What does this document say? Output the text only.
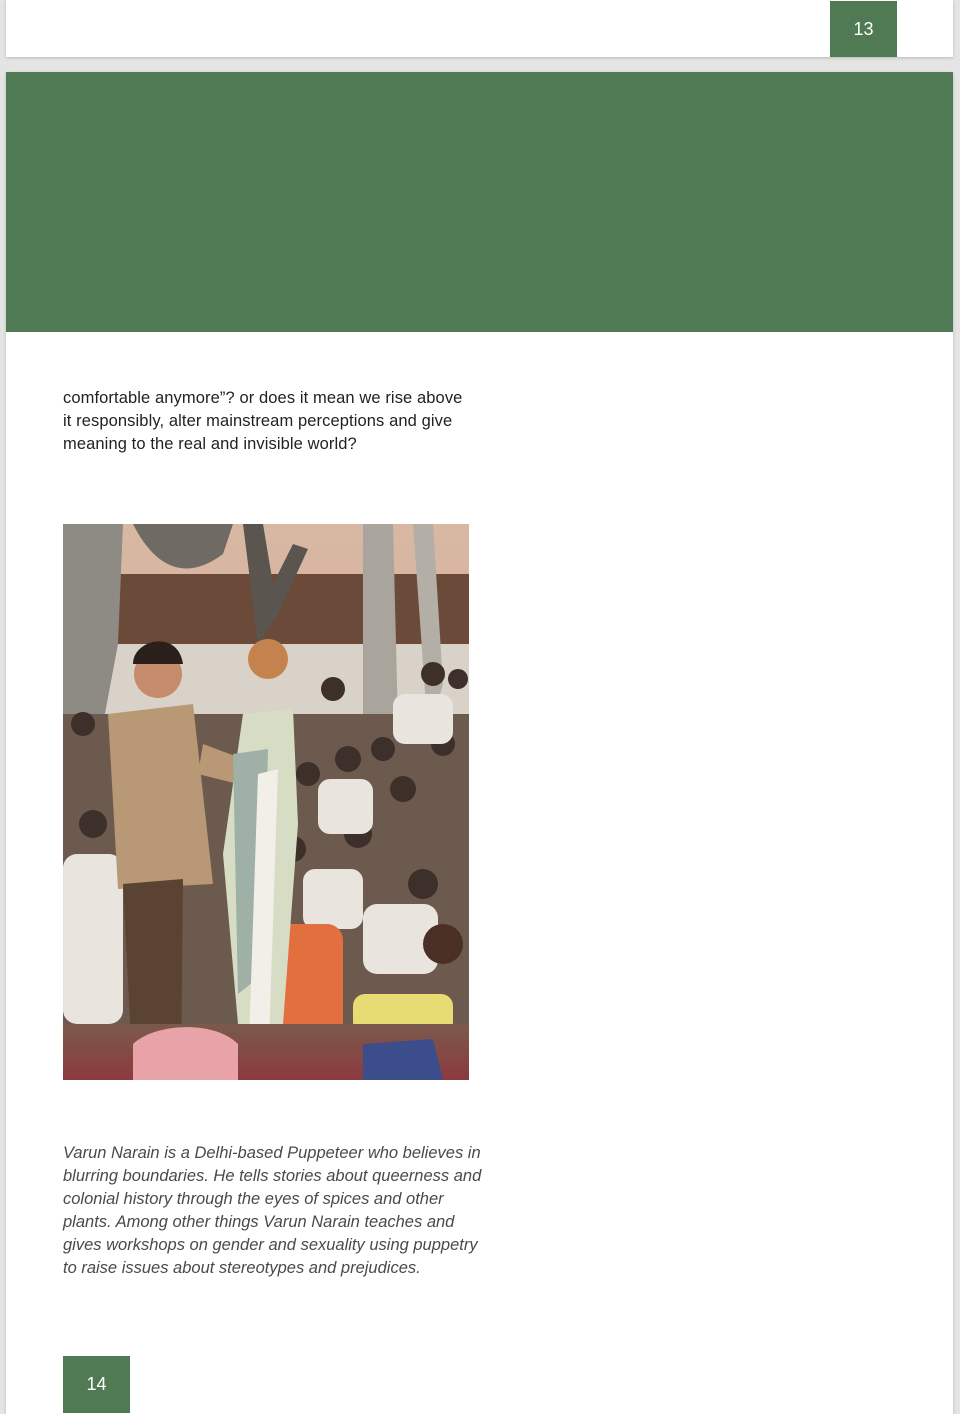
13

comfortable anymore”? or does it mean we rise above it responsibly, alter mainstream perceptions and give meaning to the real and invisible world?

Varun Narain is a Delhi-based Puppeteer who believes in blurring boundaries. He tells stories about queerness and colonial history through the eyes of spices and other plants. Among other things Varun Narain teaches and gives workshops on gender and sexuality using puppetry to raise issues about stereotypes and prejudices.

14
